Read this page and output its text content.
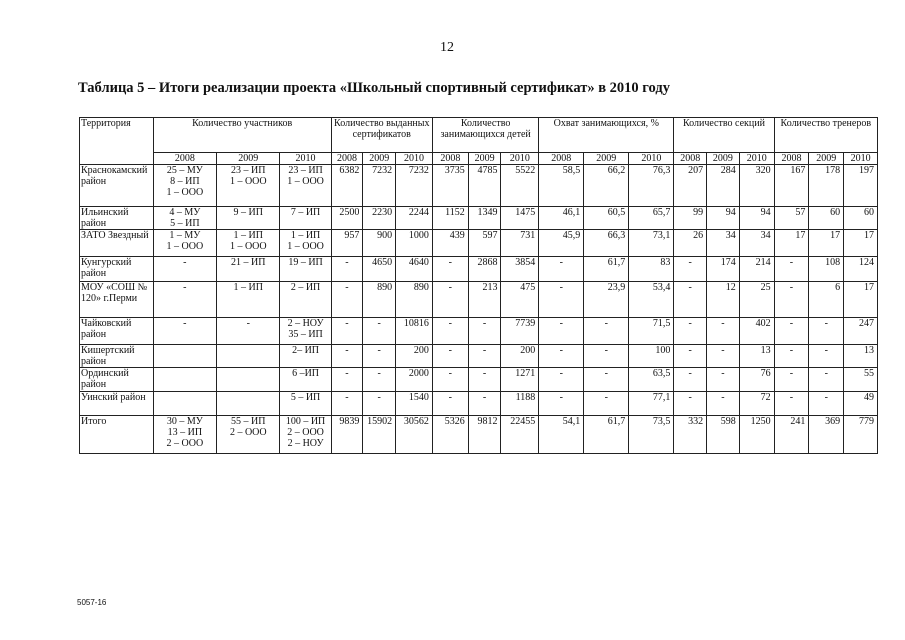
12
Таблица 5 – Итоги реализации проекта «Школьный спортивный сертификат» в 2010 году
Территория	Количество участников			Количество выданных сертификатов			Количество занимающихся детей			Охват занимающихся, %			Количество секций			Количество тренеров		
	2008	2009	2010	2008	2009	2010	2008	2009	2010	2008	2009	2010	2008	2009	2010	2008	2009	2010
Краснокамский район	25 – МУ
8 – ИП
1 – ООО	23 – ИП
1 – ООО	23 – ИП
1 – ООО	6382	7232	7232	3735	4785	5522	58,5	66,2	76,3	207	284	320	167	178	197
Ильинский район	4 – МУ
5 – ИП	9 – ИП	7 – ИП	2500	2230	2244	1152	1349	1475	46,1	60,5	65,7	99	94	94	57	60	60
ЗАТО Звездный	1 – МУ
1 – ООО	1 – ИП
1 – ООО	1 – ИП
1 – ООО	957	900	1000	439	597	731	45,9	66,3	73,1	26	34	34	17	17	17
Кунгурский район	-	21 – ИП	19 – ИП	-	4650	4640	-	2868	3854	-	61,7	83	-	174	214	-	108	124
МОУ «СОШ № 120» г.Перми	-	1 – ИП	2 – ИП	-	890	890	-	213	475	-	23,9	53,4	-	12	25	-	6	17
Чайковский район	-	-	2 – НОУ
35 – ИП	-	-	10816	-	-	7739	-	-	71,5	-	-	402	-	-	247
Кишертский район			2– ИП	-	-	200	-	-	200	-	-	100	-	-	13	-	-	13
Ординский район			6 –ИП	-	-	2000	-	-	1271	-	-	63,5	-	-	76	-	-	55
Уинский район			5 – ИП	-	-	1540	-	-	1188	-	-	77,1	-	-	72	-	-	49
Итого	30 – МУ
13 – ИП
2 – ООО	55 – ИП
2 – ООО	100 – ИП
2 – ООО
2 – НОУ	9839	15902	30562	5326	9812	22455	54,1	61,7	73,5	332	598	1250	241	369	779
5057-16
